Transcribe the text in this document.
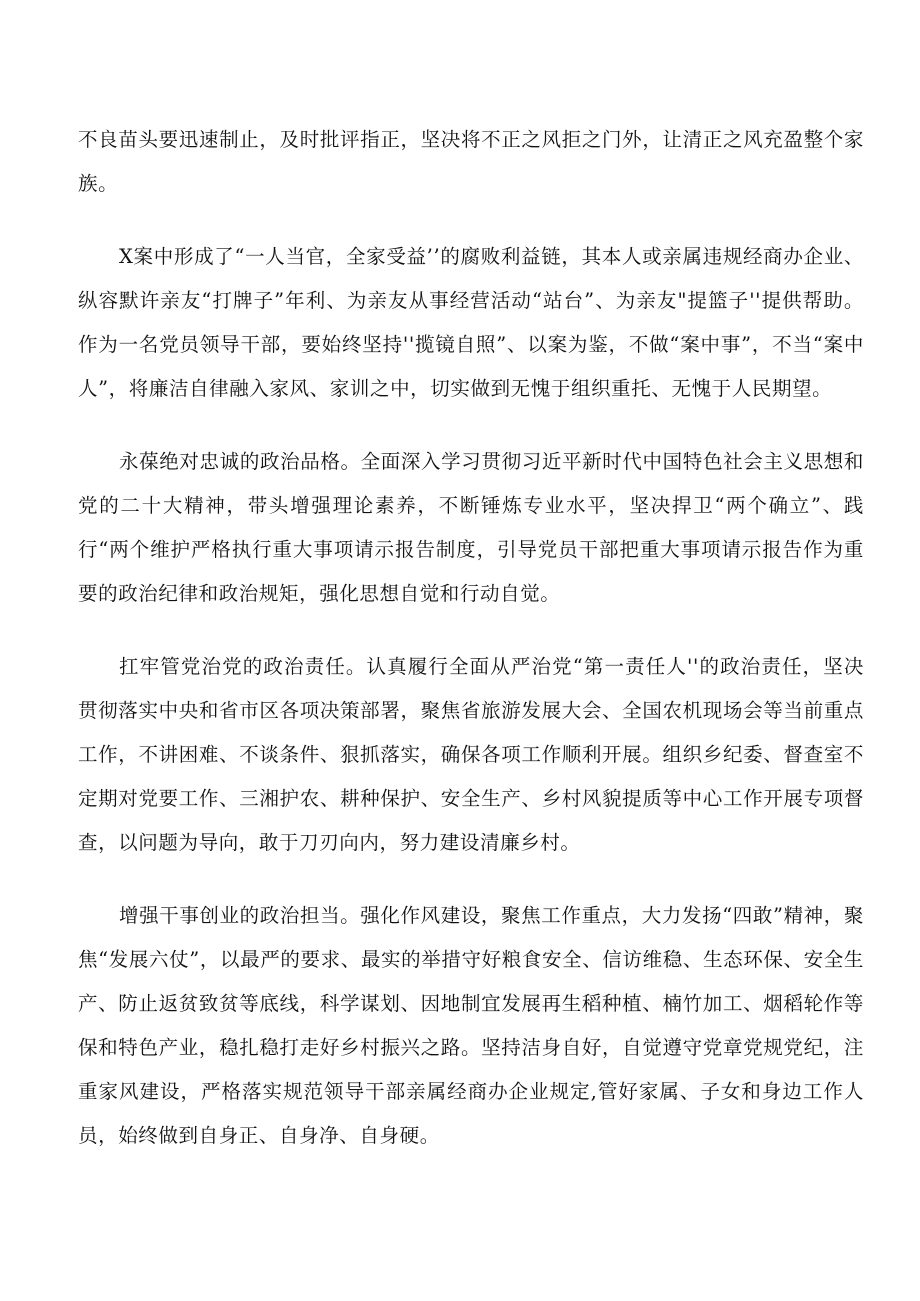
不良苗头要迅速制止，及时批评指正，坚决将不正之风拒之门外，让清正之风充盈整个家族。

X案中形成了“一人当官，全家受益’’的腐败利益链，其本人或亲属违规经商办企业、纵容默许亲友“打牌子”年利、为亲友从事经营活动“站台”、为亲友"提篮子''提供帮助。作为一名党员领导干部，要始终坚持''揽镜自照”、以案为鉴，不做“案中事”，不当“案中人”，将廉洁自律融入家风、家训之中，切实做到无愧于组织重托、无愧于人民期望。

永葆绝对忠诚的政治品格。全面深入学习贯彻习近平新时代中国特色社会主义思想和党的二十大精神，带头增强理论素养，不断锤炼专业水平，坚决捍卫“两个确立”、践行“两个维护严格执行重大事项请示报告制度，引导党员干部把重大事项请示报告作为重要的政治纪律和政治规矩，强化思想自觉和行动自觉。

扛牢管党治党的政治责任。认真履行全面从严治党“第一责任人''的政治责任，坚决贯彻落实中央和省市区各项决策部署，聚焦省旅游发展大会、全国农机现场会等当前重点工作，不讲困难、不谈条件、狠抓落实，确保各项工作顺利开展。组织乡纪委、督查室不定期对党要工作、三湘护农、耕种保护、安全生产、乡村风貌提质等中心工作开展专项督查，以问题为导向，敢于刀刃向内，努力建设清廉乡村。

增强干事创业的政治担当。强化作风建设，聚焦工作重点，大力发扬“四敢”精神，聚焦“发展六仗”，以最严的要求、最实的举措守好粮食安全、信访维稳、生态环保、安全生产、防止返贫致贫等底线，科学谋划、因地制宜发展再生稻种植、楠竹加工、烟稻轮作等保和特色产业，稳扎稳打走好乡村振兴之路。坚持洁身自好，自觉遵守党章党规党纪，注重家风建设，严格落实规范领导干部亲属经商办企业规定,管好家属、子女和身边工作人员，始终做到自身正、自身净、自身硬。
